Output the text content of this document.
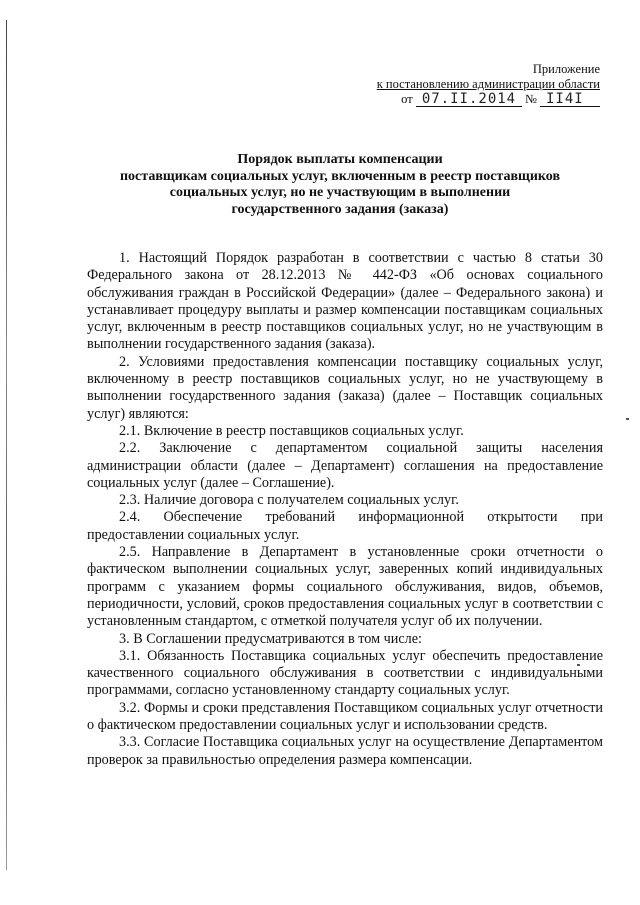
Приложение
к постановлению администрации области
от 07.II.2014 № II4I
Порядок выплаты компенсации
поставщикам социальных услуг, включенным в реестр поставщиков
социальных услуг, но не участвующим в выполнении
государственного задания (заказа)

1. Настоящий Порядок разработан в соответствии с частью 8 статьи 30 Федерального закона от 28.12.2013 № 442-ФЗ «Об основах социального обслуживания граждан в Российской Федерации» (далее – Федерального закона) и устанавливает процедуру выплаты и размер компенсации поставщикам социальных услуг, включенным в реестр поставщиков социальных услуг, но не участвующим в выполнении государственного задания (заказа).

2. Условиями предоставления компенсации поставщику социальных услуг, включенному в реестр поставщиков социальных услуг, но не участвующему в выполнении государственного задания (заказа) (далее – Поставщик социальных услуг) являются:

2.1. Включение в реестр поставщиков социальных услуг.

2.2. Заключение с департаментом социальной защиты населения администрации области (далее – Департамент) соглашения на предоставление социальных услуг (далее – Соглашение).

2.3. Наличие договора с получателем социальных услуг.

2.4. Обеспечение требований информационной открытости при предоставлении социальных услуг.

2.5. Направление в Департамент в установленные сроки отчетности о фактическом выполнении социальных услуг, заверенных копий индивидуальных программ с указанием формы социального обслуживания, видов, объемов, периодичности, условий, сроков предоставления социальных услуг в соответствии с установленным стандартом, с отметкой получателя услуг об их получении.

3. В Соглашении предусматриваются в том числе:

3.1. Обязанность Поставщика социальных услуг обеспечить предоставление качественного социального обслуживания в соответствии с индивидуальными программами, согласно установленному стандарту социальных услуг.

3.2. Формы и сроки представления Поставщиком социальных услуг отчетности о фактическом предоставлении социальных услуг и использовании средств.

3.3. Согласие Поставщика социальных услуг на осуществление Департаментом проверок за правильностью определения размера компенсации.
